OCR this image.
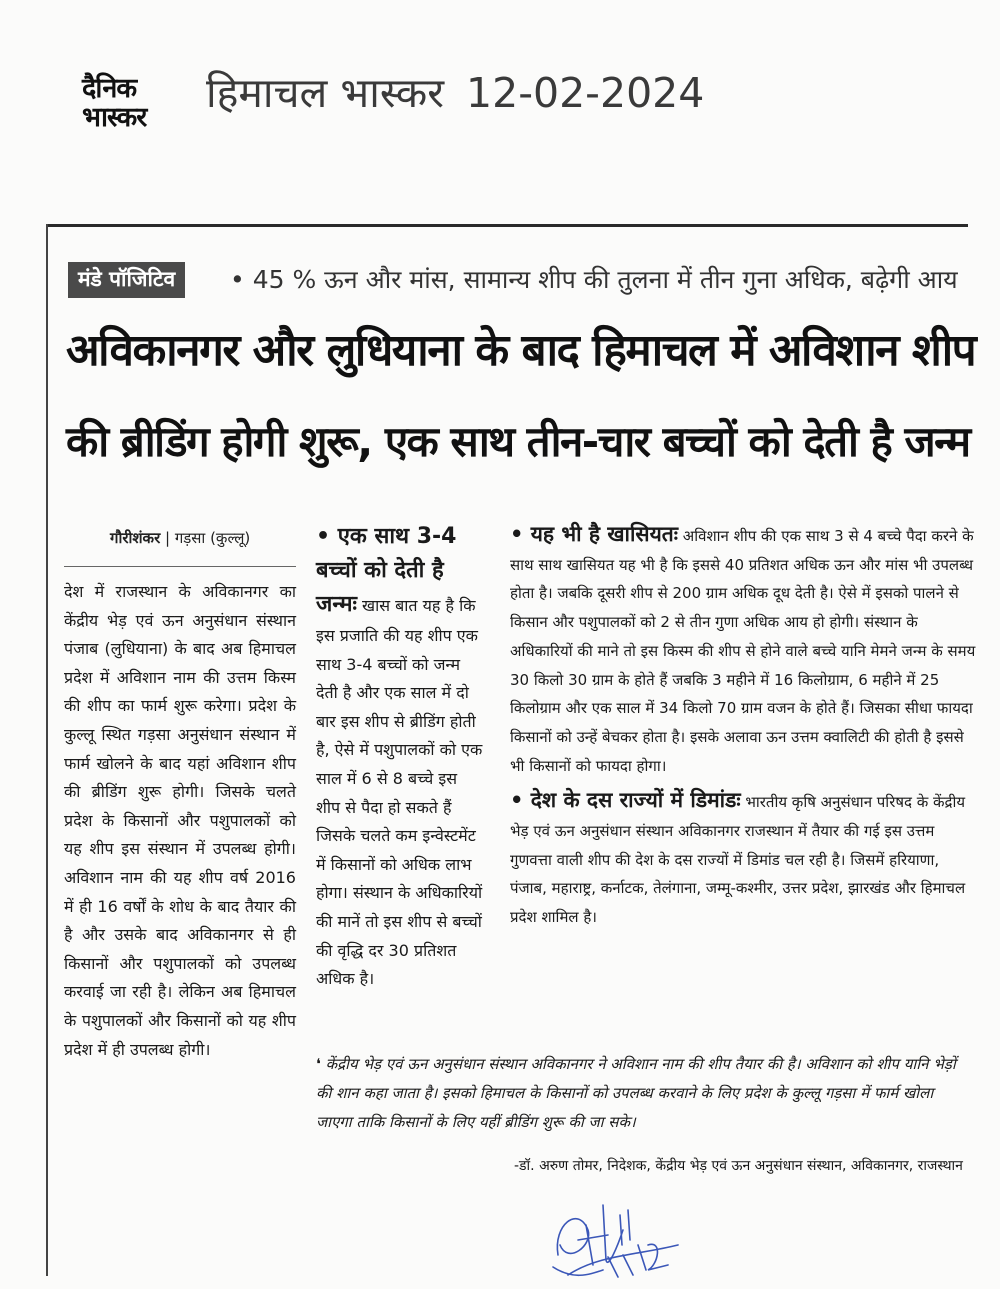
दैनिक
भास्कर
हिमाचल भास्कर 12-02-2024
मंडे पॉजिटिव	• 45 % ऊन और मांस, सामान्य शीप की तुलना में तीन गुना अधिक, बढ़ेगी आय
अविकानगर और लुधियाना के बाद हिमाचल में अविशान शीप
की ब्रीडिंग होगी शुरू, एक साथ तीन-चार बच्चों को देती है जन्म
गौरीशंकर | गड़सा (कुल्लू)
देश में राजस्थान के अविकानगर का केंद्रीय भेड़ एवं ऊन अनुसंधान संस्थान पंजाब (लुधियाना) के बाद अब हिमाचल प्रदेश में अविशान नाम की उत्तम किस्म की शीप का फार्म शुरू करेगा। प्रदेश के कुल्लू स्थित गड़सा अनुसंधान संस्थान में फार्म खोलने के बाद यहां अविशान शीप की ब्रीडिंग शुरू होगी। जिसके चलते प्रदेश के किसानों और पशुपालकों को यह शीप इस संस्थान में उपलब्ध होगी। अविशान नाम की यह शीप वर्ष 2016 में ही 16 वर्षों के शोध के बाद तैयार की है और उसके बाद अविकानगर से ही किसानों और पशुपालकों को उपलब्ध करवाई जा रही है। लेकिन अब हिमाचल के पशुपालकों और किसानों को यह शीप प्रदेश में ही उपलब्ध होगी।
• एक साथ 3-4 बच्चों को देती है जन्मः खास बात यह है कि इस प्रजाति की यह शीप एक साथ 3-4 बच्चों को जन्म देती है और एक साल में दो बार इस शीप से ब्रीडिंग होती है, ऐसे में पशुपालकों को एक साल में 6 से 8 बच्चे इस शीप से पैदा हो सकते हैं जिसके चलते कम इन्वेस्टमेंट में किसानों को अधिक लाभ होगा। संस्थान के अधिकारियों की मानें तो इस शीप से बच्चों की वृद्धि दर 30 प्रतिशत अधिक है।
• यह भी है खासियतः अविशान शीप की एक साथ 3 से 4 बच्चे पैदा करने के साथ साथ खासियत यह भी है कि इससे 40 प्रतिशत अधिक ऊन और मांस भी उपलब्ध होता है। जबकि दूसरी शीप से 200 ग्राम अधिक दूध देती है। ऐसे में इसको पालने से किसान और पशुपालकों को 2 से तीन गुणा अधिक आय हो होगी। संस्थान के अधिकारियों की माने तो इस किस्म की शीप से होने वाले बच्चे यानि मेमने जन्म के समय 30 किलो 30 ग्राम के होते हैं जबकि 3 महीने में 16 किलोग्राम, 6 महीने में 25 किलोग्राम और एक साल में 34 किलो 70 ग्राम वजन के होते हैं। जिसका सीधा फायदा किसानों को उन्हें बेचकर होता है। इसके अलावा ऊन उत्तम क्वालिटी की होती है इससे भी किसानों को फायदा होगा।
• देश के दस राज्यों में डिमांडः भारतीय कृषि अनुसंधान परिषद के केंद्रीय भेड़ एवं ऊन अनुसंधान संस्थान अविकानगर राजस्थान में तैयार की गई इस उत्तम गुणवत्ता वाली शीप की देश के दस राज्यों में डिमांड चल रही है। जिसमें हरियाणा, पंजाब, महाराष्ट्र, कर्नाटक, तेलंगाना, जम्मू-कश्मीर, उत्तर प्रदेश, झारखंड और हिमाचल प्रदेश शामिल है।
❛ केंद्रीय भेड़ एवं ऊन अनुसंधान संस्थान अविकानगर ने अविशान नाम की शीप तैयार की है। अविशान को शीप यानि भेड़ों की शान कहा जाता है। इसको हिमाचल के किसानों को उपलब्ध करवाने के लिए प्रदेश के कुल्लू गड़सा में फार्म खोला जाएगा ताकि किसानों के लिए यहीं ब्रीडिंग शुरू की जा सके।
-डॉ. अरुण तोमर, निदेशक, केंद्रीय भेड़ एवं ऊन अनुसंधान संस्थान, अविकानगर, राजस्थान
